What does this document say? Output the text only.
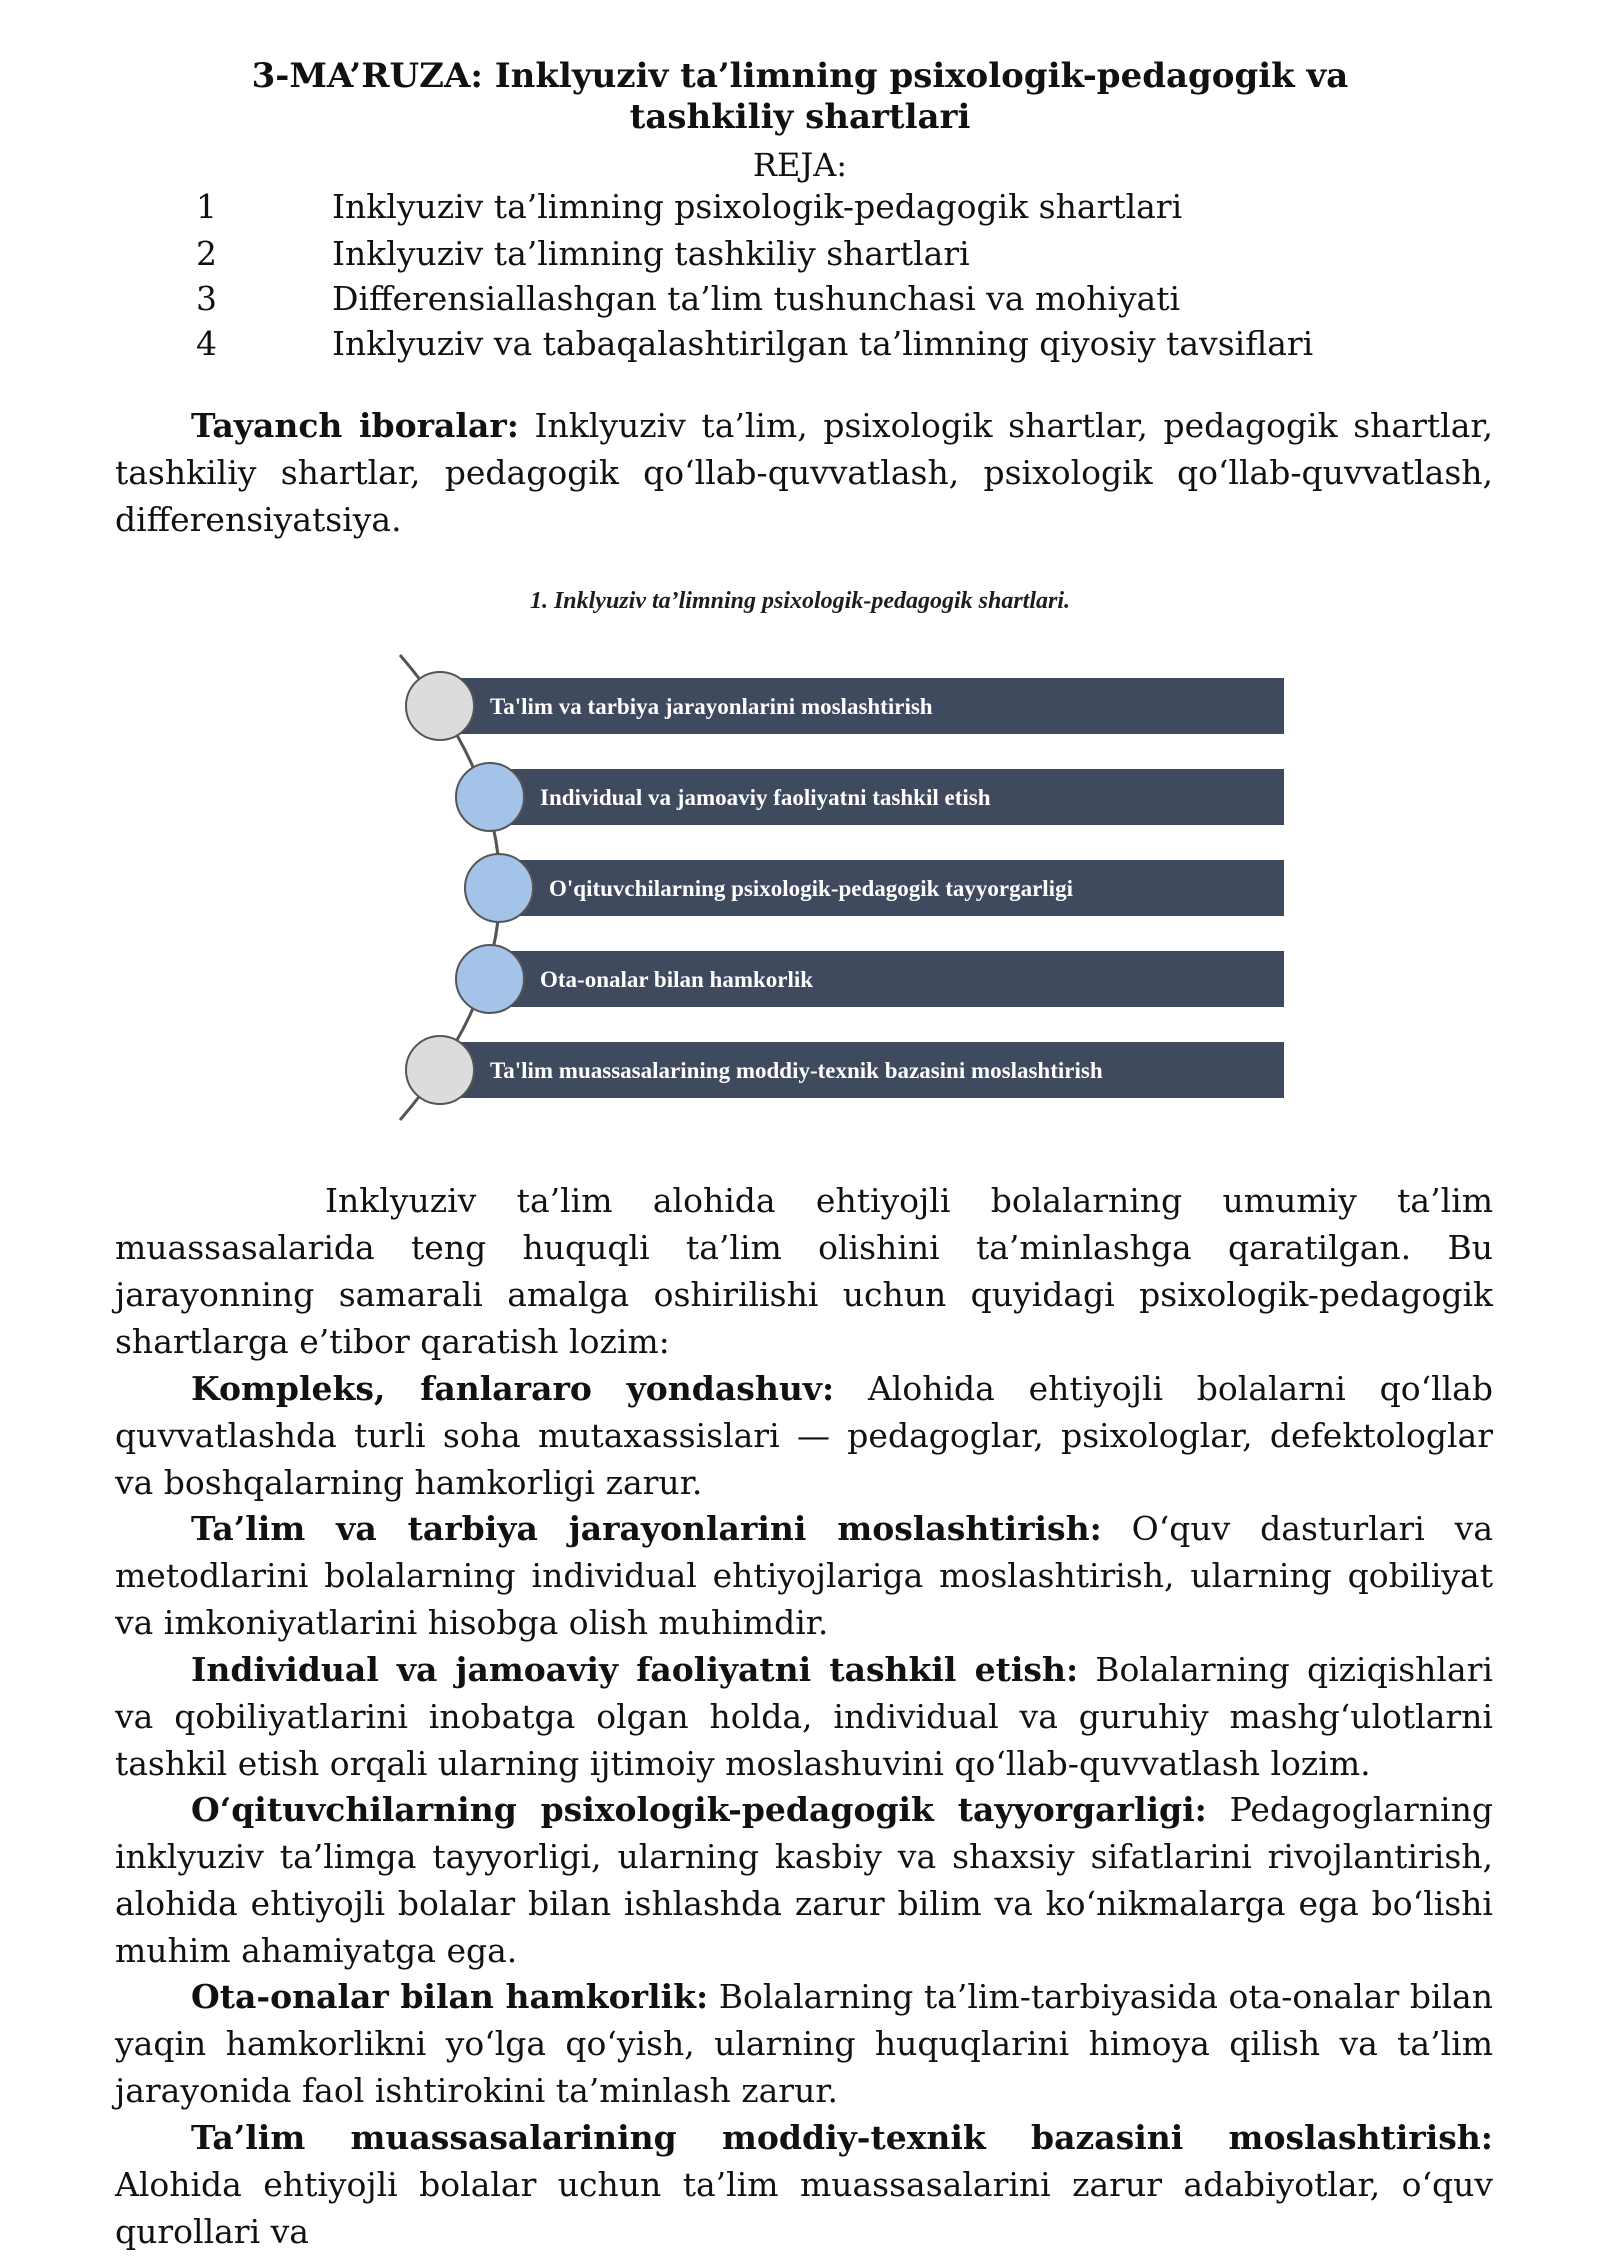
3-MA’RUZA: Inklyuziv ta’limning psixologik-pedagogik va tashkiliy shartlari
REJA:
1	Inklyuziv ta’limning psixologik-pedagogik shartlari
2	Inklyuziv ta’limning tashkiliy shartlari
3	Differensiallashgan ta’lim tushunchasi va mohiyati
4	Inklyuziv va tabaqalashtirilgan ta’limning qiyosiy tavsiflari

Tayanch iboralar: Inklyuziv ta’lim, psixologik shartlar, pedagogik shartlar, tashkiliy shartlar, pedagogik qo‘llab-quvvatlash, psixologik qo‘llab-quvvatlash, differensiyatsiya.

1. Inklyuziv ta’limning psixologik-pedagogik shartlari.
Ta'lim va tarbiya jarayonlarini moslashtirish
Individual va jamoaviy faoliyatni tashkil etish
O'qituvchilarning psixologik-pedagogik tayyorgarligi
Ota-onalar bilan hamkorlik
Ta'lim muassasalarining moddiy-texnik bazasini moslashtirish

Inklyuziv ta’lim alohida ehtiyojli bolalarning umumiy ta’lim muassasalarida teng huquqli ta’lim olishini ta’minlashga qaratilgan. Bu jarayonning samarali amalga oshirilishi uchun quyidagi psixologik-pedagogik shartlarga e’tibor qaratish lozim:

Kompleks, fanlararo yondashuv: Alohida ehtiyojli bolalarni qo‘llab quvvatlashda turli soha mutaxassislari — pedagoglar, psixologlar, defektologlar va boshqalarning hamkorligi zarur.

Ta’lim va tarbiya jarayonlarini moslashtirish: O‘quv dasturlari va metodlarini bolalarning individual ehtiyojlariga moslashtirish, ularning qobiliyat va imkoniyatlarini hisobga olish muhimdir.

Individual va jamoaviy faoliyatni tashkil etish: Bolalarning qiziqishlari va qobiliyatlarini inobatga olgan holda, individual va guruhiy mashg‘ulotlarni tashkil etish orqali ularning ijtimoiy moslashuvini qo‘llab-quvvatlash lozim.

O‘qituvchilarning psixologik-pedagogik tayyorgarligi: Pedagoglarning inklyuziv ta’limga tayyorligi, ularning kasbiy va shaxsiy sifatlarini rivojlantirish, alohida ehtiyojli bolalar bilan ishlashda zarur bilim va ko‘nikmalarga ega bo‘lishi muhim ahamiyatga ega.

Ota-onalar bilan hamkorlik: Bolalarning ta’lim-tarbiyasida ota-onalar bilan yaqin hamkorlikni yo‘lga qo‘yish, ularning huquqlarini himoya qilish va ta’lim jarayonida faol ishtirokini ta’minlash zarur.

Ta’lim muassasalarining moddiy-texnik bazasini moslashtirish: Alohida ehtiyojli bolalar uchun ta’lim muassasalarini zarur adabiyotlar, o‘quv qurollari va
